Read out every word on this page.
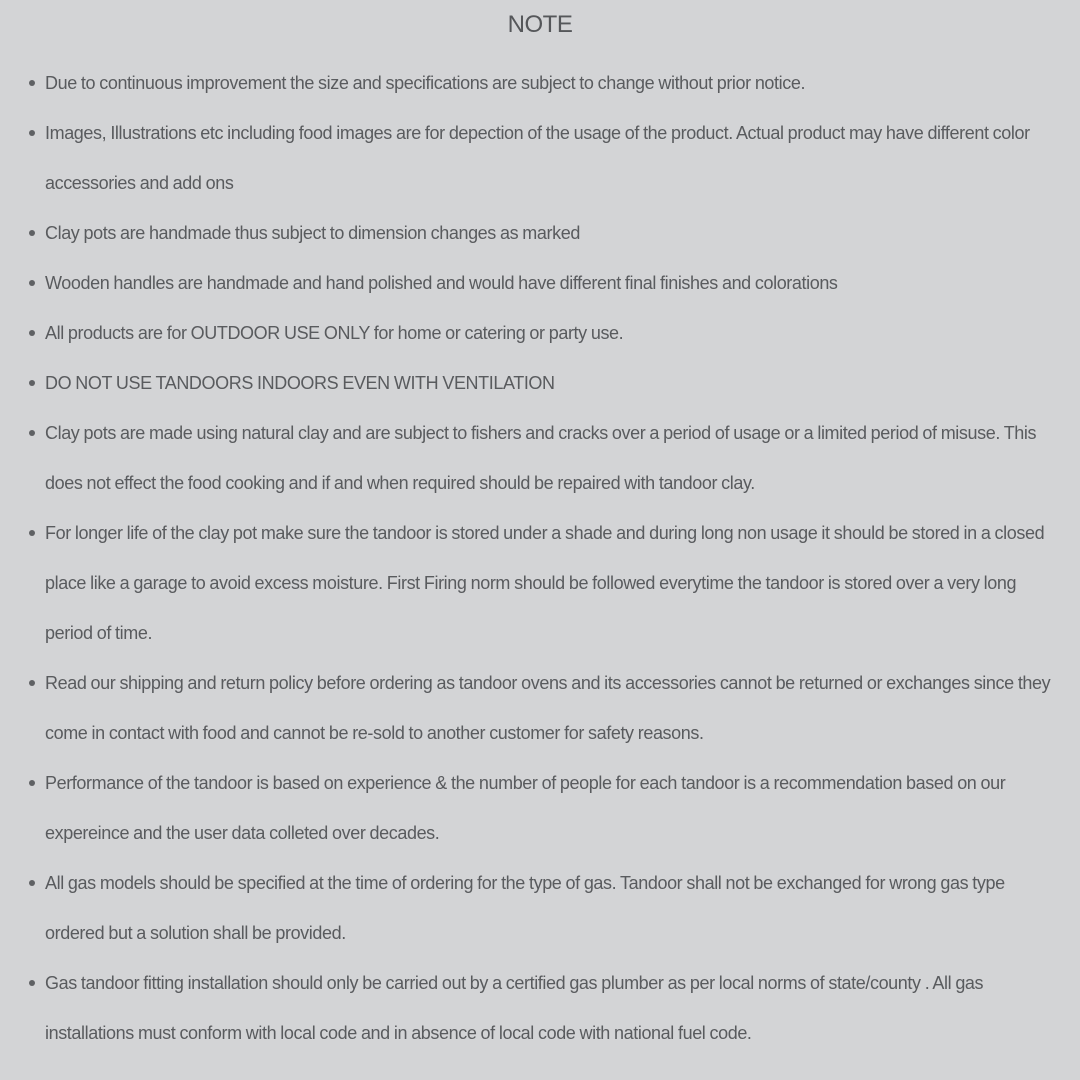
NOTE
Due to continuous improvement the size and specifications are subject to change without prior notice.
Images, Illustrations etc including food images are for depection of the usage of the product. Actual product may have different color accessories and add ons
Clay pots are handmade thus subject to dimension changes as marked
Wooden handles are handmade and hand polished and would have different final finishes and colorations
All products are for OUTDOOR USE ONLY for home or catering or party use.
DO NOT USE TANDOORS INDOORS EVEN WITH VENTILATION
Clay pots are made using natural clay and are subject to fishers and cracks over a period of usage or a limited period of misuse. This does not effect the food cooking and if and when required should be repaired with tandoor clay.
For longer life of the clay pot make sure the tandoor is stored under a shade and during long non usage it should be stored in a closed place like a garage to avoid excess moisture. First Firing norm should be followed everytime the tandoor is stored over a very long period of time.
Read our shipping and return policy before ordering as tandoor ovens and its accessories cannot be returned or exchanges since they come in contact with food and cannot be re-sold to another customer for safety reasons.
Performance of the tandoor is based on experience & the number of people for each tandoor is a recommendation based on our expereince and the user data colleted over decades.
All gas models should be specified at the time of ordering for the type of gas. Tandoor shall not be exchanged for wrong gas type ordered but a solution shall be provided.
Gas tandoor fitting installation should only be carried out by a certified gas plumber as per local norms of state/county . All gas installations must conform with local code and in absence of local code with national fuel code.
